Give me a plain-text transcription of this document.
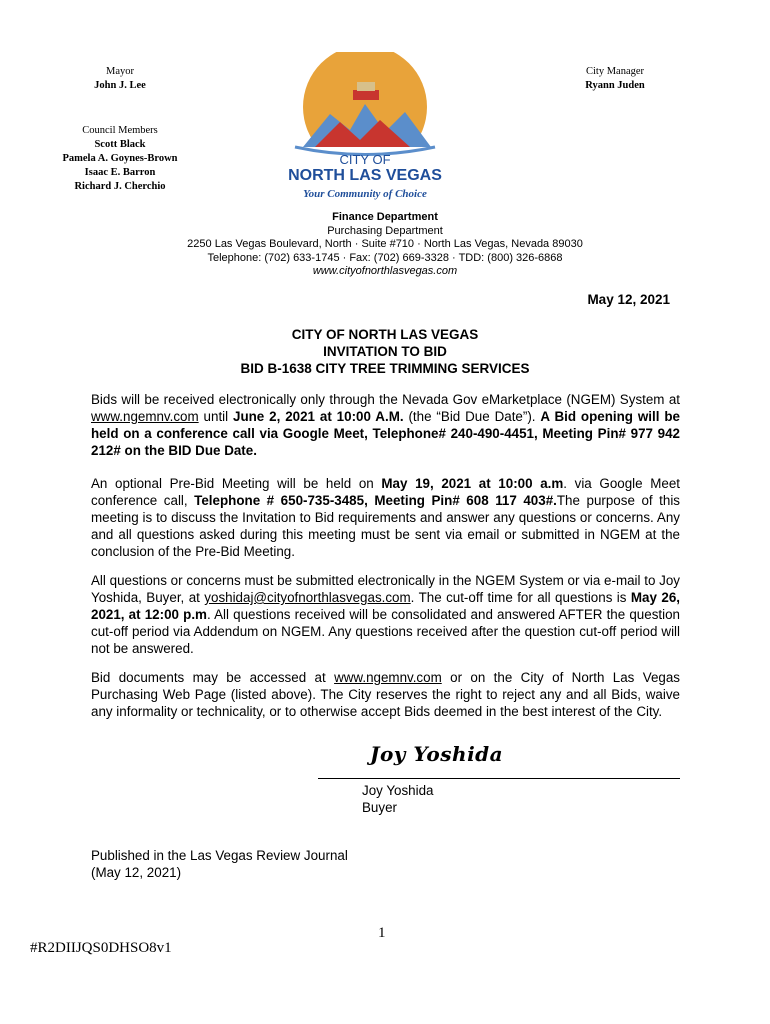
Mayor
John J. Lee
City Manager
Ryann Juden
Council Members
Scott Black
Pamela A. Goynes-Brown
Isaac E. Barron
Richard J. Cherchio
CITY OF
NORTH LAS VEGAS
Your Community of Choice
Finance Department
Purchasing Department
2250 Las Vegas Boulevard, North · Suite #710 · North Las Vegas, Nevada 89030
Telephone: (702) 633-1745 · Fax: (702) 669-3328 · TDD: (800) 326-6868
www.cityofnorthlasvegas.com
May 12, 2021
CITY OF NORTH LAS VEGAS
INVITATION TO BID
BID B-1638 CITY TREE TRIMMING SERVICES
Bids will be received electronically only through the Nevada Gov eMarketplace (NGEM) System at www.ngemnv.com until June 2, 2021 at 10:00 A.M. (the “Bid Due Date”). A Bid opening will be held on a conference call via Google Meet, Telephone# 240-490-4451, Meeting Pin# 977 942 212# on the BID Due Date.
An optional Pre-Bid Meeting will be held on May 19, 2021 at 10:00 a.m. via Google Meet conference call, Telephone # 650-735-3485, Meeting Pin# 608 117 403#.The purpose of this meeting is to discuss the Invitation to Bid requirements and answer any questions or concerns. Any and all questions asked during this meeting must be sent via email or submitted in NGEM at the conclusion of the Pre-Bid Meeting.
All questions or concerns must be submitted electronically in the NGEM System or via e-mail to Joy Yoshida, Buyer, at yoshidaj@cityofnorthlasvegas.com. The cut-off time for all questions is May 26, 2021, at 12:00 p.m. All questions received will be consolidated and answered AFTER the question cut-off period via Addendum on NGEM. Any questions received after the question cut-off period will not be answered.
Bid documents may be accessed at www.ngemnv.com or on the City of North Las Vegas Purchasing Web Page (listed above). The City reserves the right to reject any and all Bids, waive any informality or technicality, or to otherwise accept Bids deemed in the best interest of the City.
Joy Yoshida
Joy Yoshida
Buyer
Published in the Las Vegas Review Journal
(May 12, 2021)
1
#R2DIIJQS0DHSO8v1
